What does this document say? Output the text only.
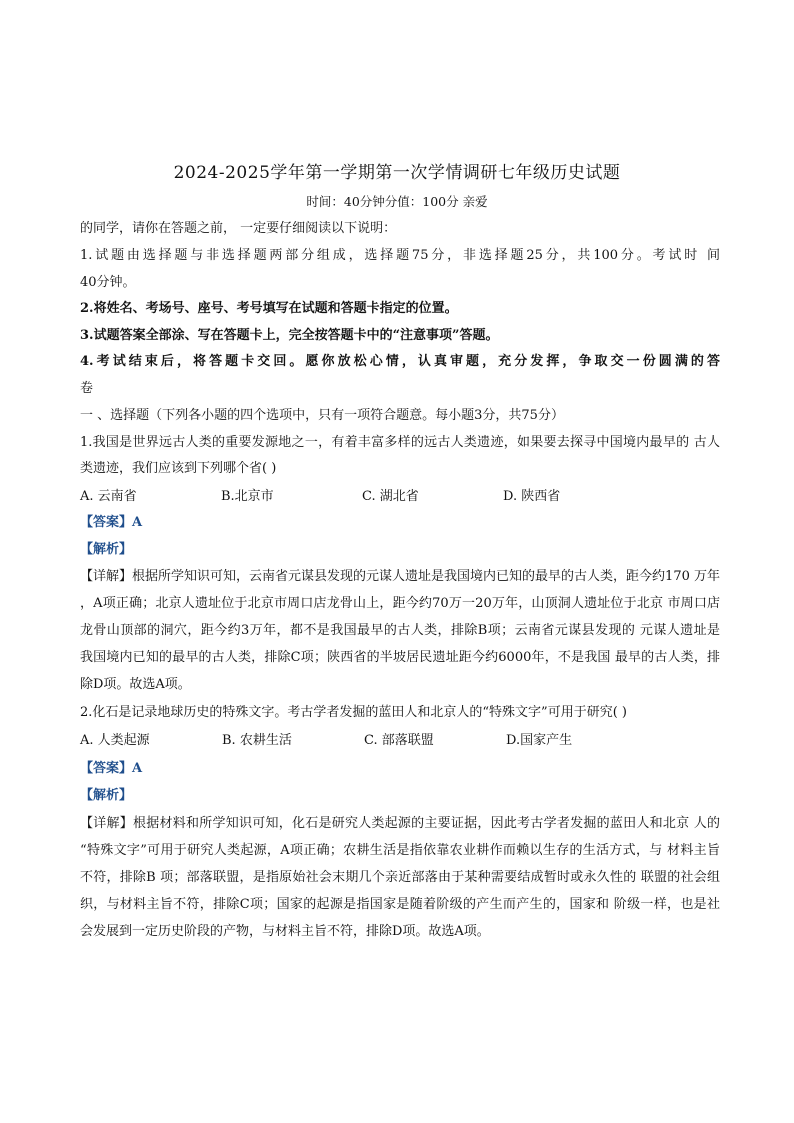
2024-2025学年第一学期第一次学情调研七年级历史试题
时间：40分钟分值：100分 亲爱
的同学，请你在答题之前， 一定要仔细阅读以下说明：
1.试题由选择题与非选择题两部分组成，选择题75分，非选择题25分，共100分。考试时 间
40分钟。
2.将姓名、考场号、座号、考号填写在试题和答题卡指定的位置。
3.试题答案全部涂、写在答题卡上，完全按答题卡中的“注意事项”答题。
4.考试结束后，将答题卡交回。愿你放松心情，认真审题，充分发挥，争取交一份圆满的答
卷
一 、选择题（下列各小题的四个选项中，只有一项符合题意。每小题3分，共75分）
1.我国是世界远古人类的重要发源地之一，有着丰富多样的远古人类遗迹，如果要去探寻中国境内最早的 古人
类遗迹，我们应该到下列哪个省( )
A. 云南省	B.北京市	C. 湖北省	D. 陕西省
【答案】A
【解析】
【详解】根据所学知识可知，云南省元谋县发现的元谋人遗址是我国境内已知的最早的古人类，距今约170 万年
，A项正确；北京人遗址位于北京市周口店龙骨山上，距今约70万一20万年，山顶洞人遗址位于北京 市周口店
龙骨山顶部的洞穴，距今约3万年，都不是我国最早的古人类，排除B项；云南省元谋县发现的 元谋人遗址是
我国境内已知的最早的古人类，排除C项；陕西省的半坡居民遗址距今约6000年，不是我国 最早的古人类，排
除D项。故选A项。
2.化石是记录地球历史的特殊文字。考古学者发掘的蓝田人和北京人的“特殊文字”可用于研究( )
A. 人类起源	B. 农耕生活	C. 部落联盟	D.国家产生
【答案】A
【解析】
【详解】根据材料和所学知识可知，化石是研究人类起源的主要证据，因此考古学者发掘的蓝田人和北京 人的
“特殊文字”可用于研究人类起源，A项正确；农耕生活是指依靠农业耕作而赖以生存的生活方式，与 材料主旨
不符，排除B 项；部落联盟，是指原始社会末期几个亲近部落由于某种需要结成暂时或永久性的 联盟的社会组
织，与材料主旨不符，排除C项；国家的起源是指国家是随着阶级的产生而产生的，国家和 阶级一样，也是社
会发展到一定历史阶段的产物，与材料主旨不符，排除D项。故选A项。
